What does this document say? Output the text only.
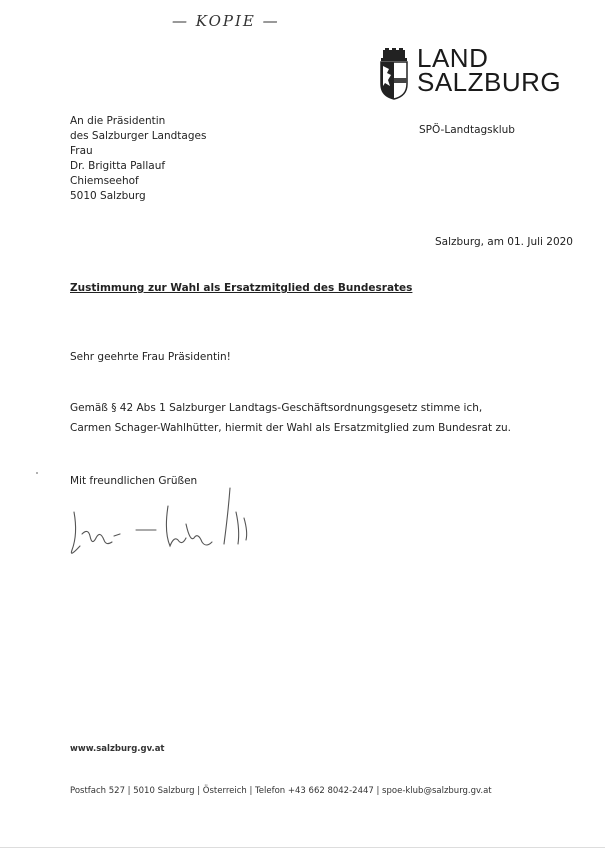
— KOPIE —
LAND
SALZBURG
SPÖ-Landtagsklub
An die Präsidentin
des Salzburger Landtages
Frau
Dr. Brigitta Pallauf
Chiemseehof
5010 Salzburg
Salzburg, am 01. Juli 2020
Zustimmung zur Wahl als Ersatzmitglied des Bundesrates
Sehr geehrte Frau Präsidentin!
Gemäß § 42 Abs 1 Salzburger Landtags-Geschäftsordnungsgesetz stimme ich,
Carmen Schager-Wahlhütter, hiermit der Wahl als Ersatzmitglied zum Bundesrat zu.
Mit freundlichen Grüßen
www.salzburg.gv.at
Postfach 527 | 5010 Salzburg | Österreich | Telefon +43 662 8042-2447 | spoe-klub@salzburg.gv.at
